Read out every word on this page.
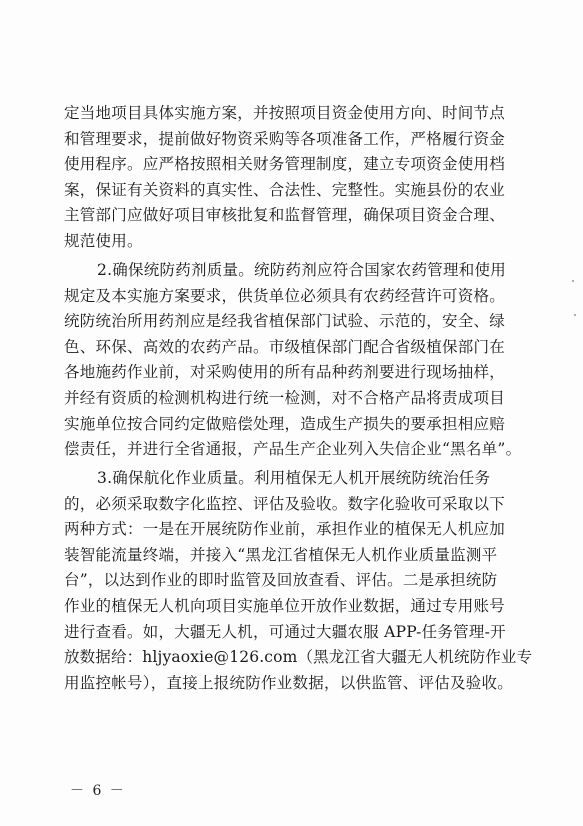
定当地项目具体实施方案，并按照项目资金使用方向、时间节点
和管理要求，提前做好物资采购等各项准备工作，严格履行资金
使用程序。应严格按照相关财务管理制度，建立专项资金使用档
案，保证有关资料的真实性、合法性、完整性。实施县份的农业
主管部门应做好项目审核批复和监督管理，确保项目资金合理、
规范使用。
2.确保统防药剂质量。统防药剂应符合国家农药管理和使用
规定及本实施方案要求，供货单位必须具有农药经营许可资格。
统防统治所用药剂应是经我省植保部门试验、示范的，安全、绿
色、环保、高效的农药产品。市级植保部门配合省级植保部门在
各地施药作业前，对采购使用的所有品种药剂要进行现场抽样，
并经有资质的检测机构进行统一检测，对不合格产品将责成项目
实施单位按合同约定做赔偿处理，造成生产损失的要承担相应赔
偿责任，并进行全省通报，产品生产企业列入失信企业“黑名单”。
3.确保航化作业质量。利用植保无人机开展统防统治任务
的，必须采取数字化监控、评估及验收。数字化验收可采取以下
两种方式：一是在开展统防作业前，承担作业的植保无人机应加
装智能流量终端，并接入“黑龙江省植保无人机作业质量监测平
台”，以达到作业的即时监管及回放查看、评估。二是承担统防
作业的植保无人机向项目实施单位开放作业数据，通过专用账号
进行查看。如，大疆无人机，可通过大疆农服 APP-任务管理-开
放数据给：hljyaoxie@126.com（黑龙江省大疆无人机统防作业专
用监控帐号），直接上报统防作业数据，以供监管、评估及验收。
－ 6 －
